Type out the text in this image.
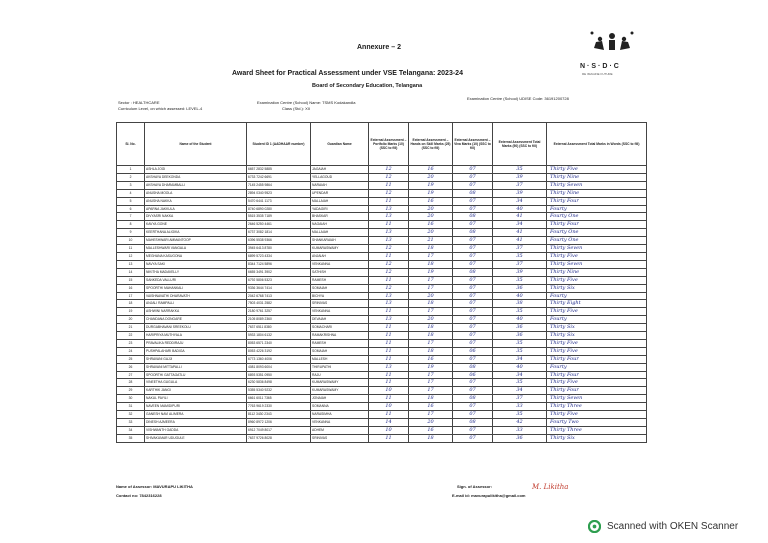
Annexure – 2
N·S·D·C
RE IMAGINE FUTURE
Award Sheet for Practical Assessment under VSE Telangana: 2023-24
Board of Secondary Education, Telangana
Sector : HEALTHCARE
Curriculum Level, on which assessed: LEVEL-4
Examination Centre (School) Name: TSMS Kodakandla
Class (Std.): XII
Examination Centre (School) UDISE Code: 36191200728
Sl. No.	Name of the Student	Student ID 1 (AADHAAR number)	Guardian Name	External Assessment – Portfolio Marks (10) (SSC to fill)	External Assessment – Hands on Skill Marks (25) (SSC to fill)	External Assessment – Viva Marks (10) (SSC to fill)	External Assessment Total Marks (50) (SSC to fill)	External Assessment Total Marks in Words (SSC to fill)
1	ASHLA JOGI	6657 2832 5885	JAGAIAH	12	16	07	35	Thirty Five
2	AKSHAYA DEEKONDA	6733 7242 6691	YELLAGOUD	12	20	07	39	Thirty Nine
3	AKSHAYA DHARAMBALLI	7145 2455 9864	NARAIAH	11	19	07	37	Thirty Seven
4	ANUSHA MOOLA	2894 0340 9523	UPENDAR	12	19	08	39	Thirty Nine
5	ANUSHA NAKKA	5470 6441 1173	MALLAIAH	11	16	07	34	Thirty Four
6	APARNA JAKKULA	8740 6890 0280	YADAGIRI	13	20	07	40	Fourty
7	DIVYASRI NAKKA	5515 3535 7189	BHASKAR	13	20	08	41	Fourty One
8	KAVYA GONE	2646 5250 4461	NAGAIAH	11	16	07	34	Thirty Four
9	KEERTHANA ALIGIKA	6737 3082 1814	MALLAIAH	13	20	08	41	Fourty One
10	MAHESHWARI AMMANTOOP	6396 5538 9366	SHANKARAIAH	13	21	07	41	Fourty One
11	MALLESHWARI VANGALA	3945 6413 8780	KUMARASWAMY	12	18	07	37	Thirty Seven
12	MEGHANA KASUGONA	6899 5723 4334	ANJAIAH	11	17	07	35	Thirty Five
13	NAVYA SAKI	8344 7124 5896	VENKANNA	12	18	07	37	Thirty Seven
14	NIKITHA MADAVELLY	6655 3491 3902	SATHISH	12	19	08	39	Thirty Nine
15	SANKEDA VALLURI	6792 5806 5323	RAMESH	11	17	07	35	Thirty Five
16	SPOORTHI MAHANKALI	9336 3644 7414	SOMAIAH	12	17	07	36	Thirty Six
17	VAISHNAVATHI DHARAVATH	2042 6768 7413	BICHYA	13	20	07	40	Fourty
18	ANJALI RAMPALLI	7503 4031 2582	SRINIVAS	13	18	07	38	Thirty Eight
19	ASHWINI NARRAKKA	2180 9761 3257	VENKANNA	11	17	07	35	Thirty Five
20	CHANDANA DONGARE	2105 8089 2360	DEVAIAH	13	20	07	40	Fourty
21	DURGABHAVANI SREEKOLU	7637 6511 8380	SOMACHARI	11	18	07	36	Thirty Six
22	HARIPRIYA MUTHYALA	5933 1804 6132	RAMAKRISHNA	11	18	07	36	Thirty Six
23	PRAVALIKA REDDIRAJU	8053 6571 2340	RAMESH	11	17	07	35	Thirty Five
24	PUSHPALAHARI BADIGA	8053 4226 3192	SOMAIAH	11	18	06	35	Thirty Five
25	SHRAVANI GAJJI	6773 1360 4006	MALLESH	11	16	07	34	Thirty Four
26	SHRAVANI MITTAPALLI	4081 8093 6004	THIRUPATHI	13	19	08	40	Fourty
27	SPOORTHI GATTAGATLU	6893 5351 0950	RAJU	11	17	06	34	Thirty Four
28	VINEETHA GUGULA	6230 5836 8498	KUMARASWAMY	11	17	07	35	Thirty Five
29	KARTHIK JANGI	5355 5340 9232	KUMARASWAMY	10	17	07	34	Thirty Four
30	NAKUL PAYILI	6661 6011 7365	JONAIAH	11	18	08	37	Thirty Seven
31	NAVEEN MAMIDIPURI	7763 9619 2330	SOMANNA	10	16	07	33	Thirty Three
32	GANESH NAVI ALIMERA	8112 3430 2343	NARASIMHA	11	17	07	35	Thirty Five
33	DINESH AJMEERA	8960 8972 1206	VENKANNA	14	20	08	42	Fourty Two
34	VISHWANTH GADDA	6912 7049 8017	ADHEM	10	16	07	33	Thirty Three
35	SHIVAKUMAR UDUGULE	7637 9726 8028	SRINIVAS	11	18	07	36	Thirty Six
Name of Assessor: MAVURAPU LIKITHA
Contact no: 7842316228
Sign. of Assessor:	M. Likitha
E-mail id: mavurapulikitha@gmail.com
Scanned with OKEN Scanner
